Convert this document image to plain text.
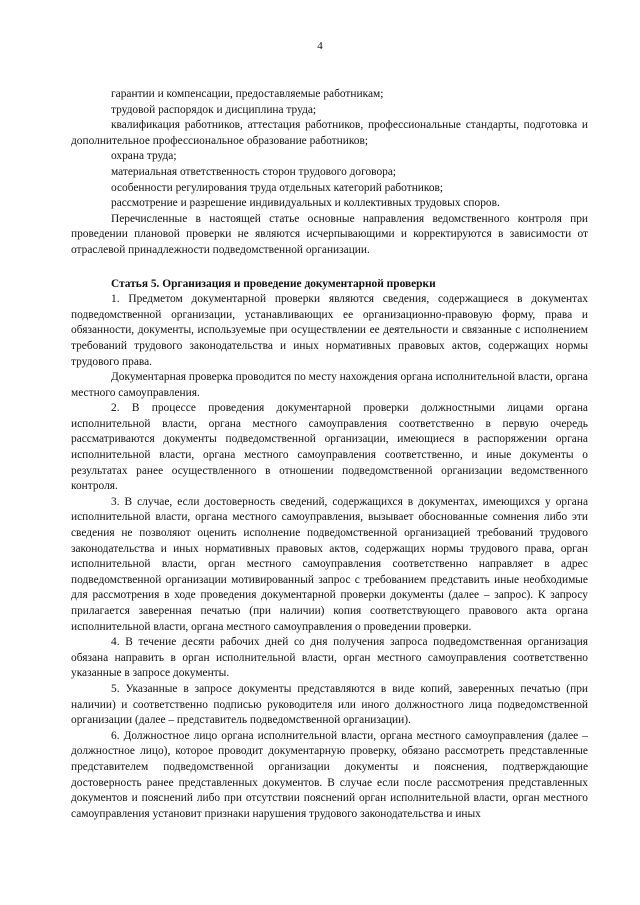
4

гарантии и компенсации, предоставляемые работникам;

трудовой распорядок и дисциплина труда;

квалификация работников, аттестация работников, профессиональные стандарты, подготовка и дополнительное профессиональное образование работников;

охрана труда;

материальная ответственность сторон трудового договора;

особенности регулирования труда отдельных категорий работников;

рассмотрение и разрешение индивидуальных и коллективных трудовых споров.

Перечисленные в настоящей статье основные направления ведомственного контроля при проведении плановой проверки не являются исчерпывающими и корректируются в зависимости от отраслевой принадлежности подведомственной организации.

Статья 5. Организация и проведение документарной проверки

1. Предметом документарной проверки являются сведения, содержащиеся в документах подведомственной организации, устанавливающих ее организационно-правовую форму, права и обязанности, документы, используемые при осуществлении ее деятельности и связанные с исполнением требований трудового законодательства и иных нормативных правовых актов, содержащих нормы трудового права.

Документарная проверка проводится по месту нахождения органа исполнительной власти, органа местного самоуправления.

2. В процессе проведения документарной проверки должностными лицами органа исполнительной власти, органа местного самоуправления соответственно в первую очередь рассматриваются документы подведомственной организации, имеющиеся в распоряжении органа исполнительной власти, органа местного самоуправления соответственно, и иные документы о результатах ранее осуществленного в отношении подведомственной организации ведомственного контроля.

3. В случае, если достоверность сведений, содержащихся в документах, имеющихся у органа исполнительной власти, органа местного самоуправления, вызывает обоснованные сомнения либо эти сведения не позволяют оценить исполнение подведомственной организацией требований трудового законодательства и иных нормативных правовых актов, содержащих нормы трудового права, орган исполнительной власти, орган местного самоуправления соответственно направляет в адрес подведомственной организации мотивированный запрос с требованием представить иные необходимые для рассмотрения в ходе проведения документарной проверки документы (далее – запрос). К запросу прилагается заверенная печатью (при наличии) копия соответствующего правового акта органа исполнительной власти, органа местного самоуправления о проведении проверки.

4. В течение десяти рабочих дней со дня получения запроса подведомственная организация обязана направить в орган исполнительной власти, орган местного самоуправления соответственно указанные в запросе документы.

5. Указанные в запросе документы представляются в виде копий, заверенных печатью (при наличии) и соответственно подписью руководителя или иного должностного лица подведомственной организации (далее – представитель подведомственной организации).

6. Должностное лицо органа исполнительной власти, органа местного самоуправления (далее – должностное лицо), которое проводит документарную проверку, обязано рассмотреть представленные представителем подведомственной организации документы и пояснения, подтверждающие достоверность ранее представленных документов. В случае если после рассмотрения представленных документов и пояснений либо при отсутствии пояснений орган исполнительной власти, орган местного самоуправления установит признаки нарушения трудового законодательства и иных
